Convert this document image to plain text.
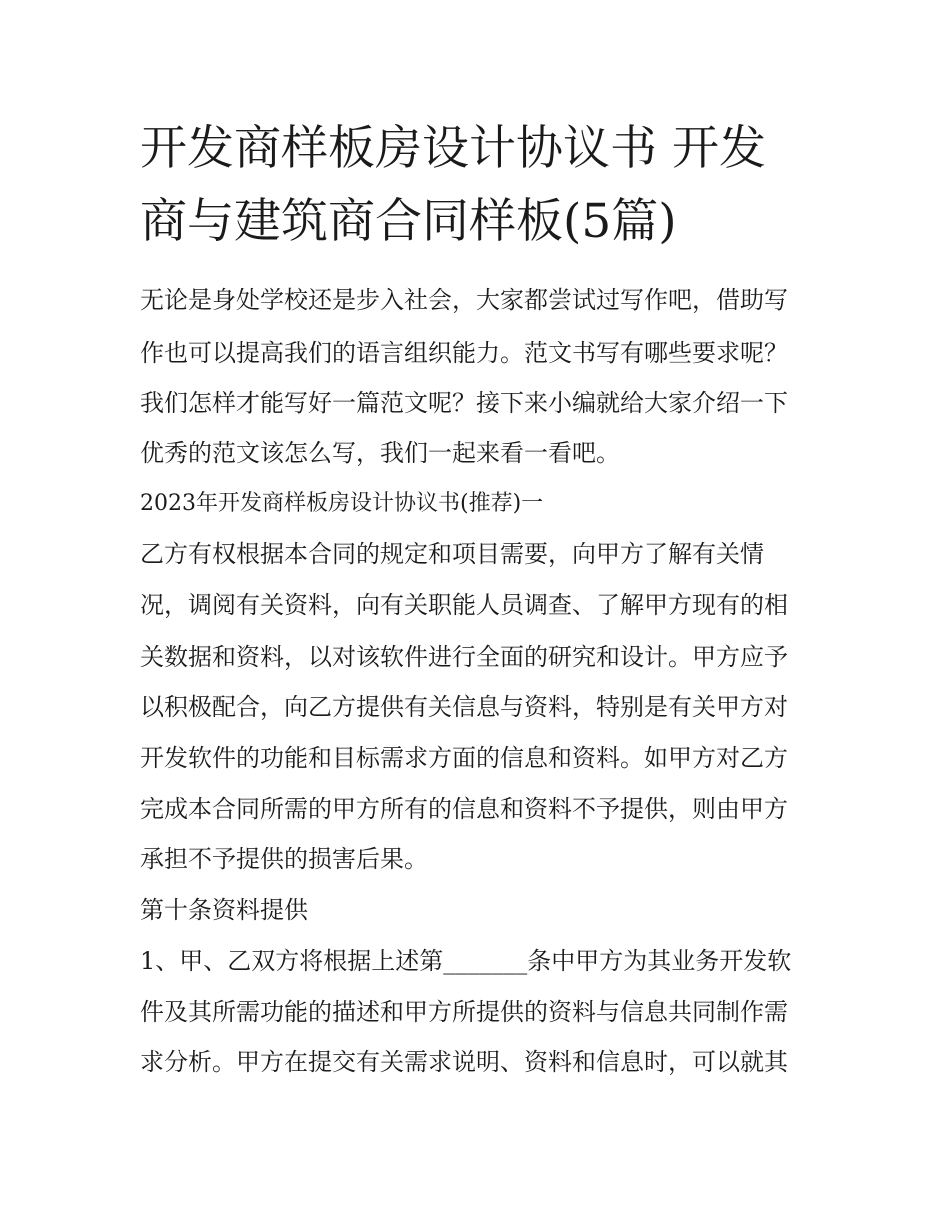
开发商样板房设计协议书 开发
商与建筑商合同样板(5篇)
无论是身处学校还是步入社会，大家都尝试过写作吧，借助写
作也可以提高我们的语言组织能力。范文书写有哪些要求呢？
我们怎样才能写好一篇范文呢？接下来小编就给大家介绍一下
优秀的范文该怎么写，我们一起来看一看吧。
2023年开发商样板房设计协议书(推荐)一
乙方有权根据本合同的规定和项目需要，向甲方了解有关情
况，调阅有关资料，向有关职能人员调查、了解甲方现有的相
关数据和资料，以对该软件进行全面的研究和设计。甲方应予
以积极配合，向乙方提供有关信息与资料，特别是有关甲方对
开发软件的功能和目标需求方面的信息和资料。如甲方对乙方
完成本合同所需的甲方所有的信息和资料不予提供，则由甲方
承担不予提供的损害后果。
第十条资料提供
1、甲、乙双方将根据上述第_______条中甲方为其业务开发软
件及其所需功能的描述和甲方所提供的资料与信息共同制作需
求分析。甲方在提交有关需求说明、资料和信息时，可以就其
